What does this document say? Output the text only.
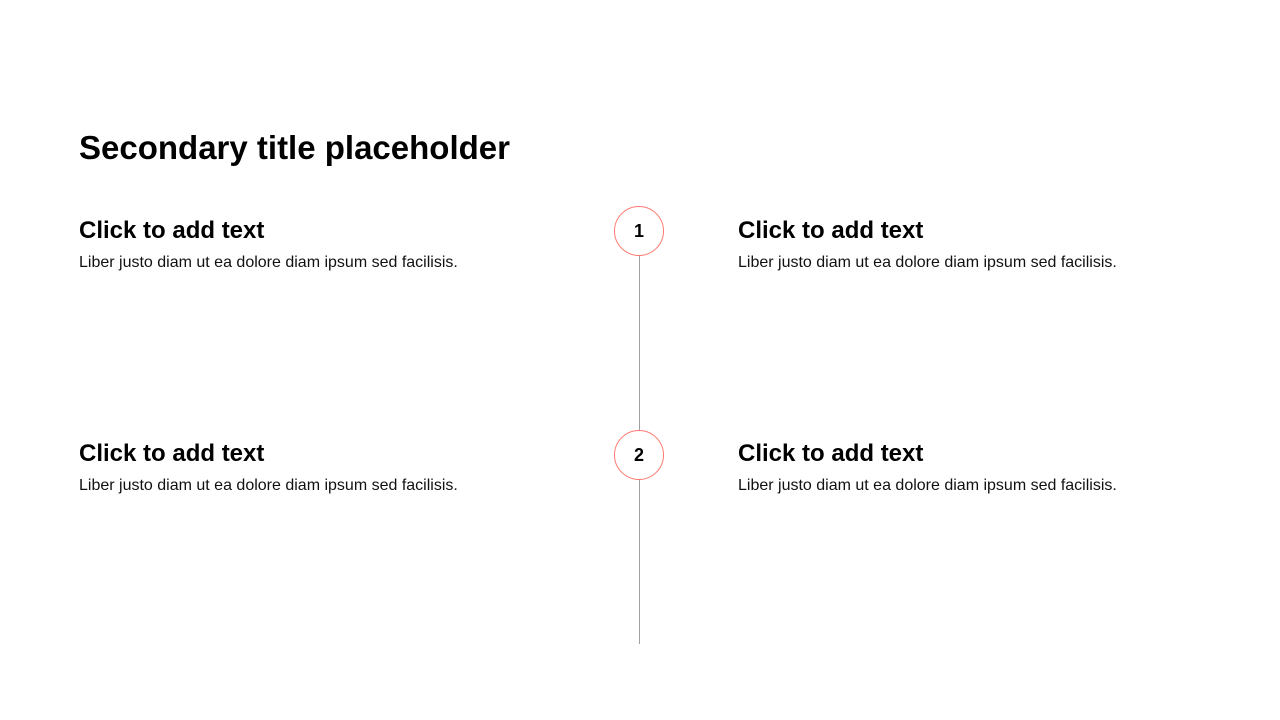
Secondary title placeholder
Click to add text

Liber justo diam ut ea dolore diam ipsum sed facilisis.

1	Click to add text

Liber justo diam ut ea dolore diam ipsum sed facilisis.

Click to add text

Liber justo diam ut ea dolore diam ipsum sed facilisis.

2	Click to add text

Liber justo diam ut ea dolore diam ipsum sed facilisis.
